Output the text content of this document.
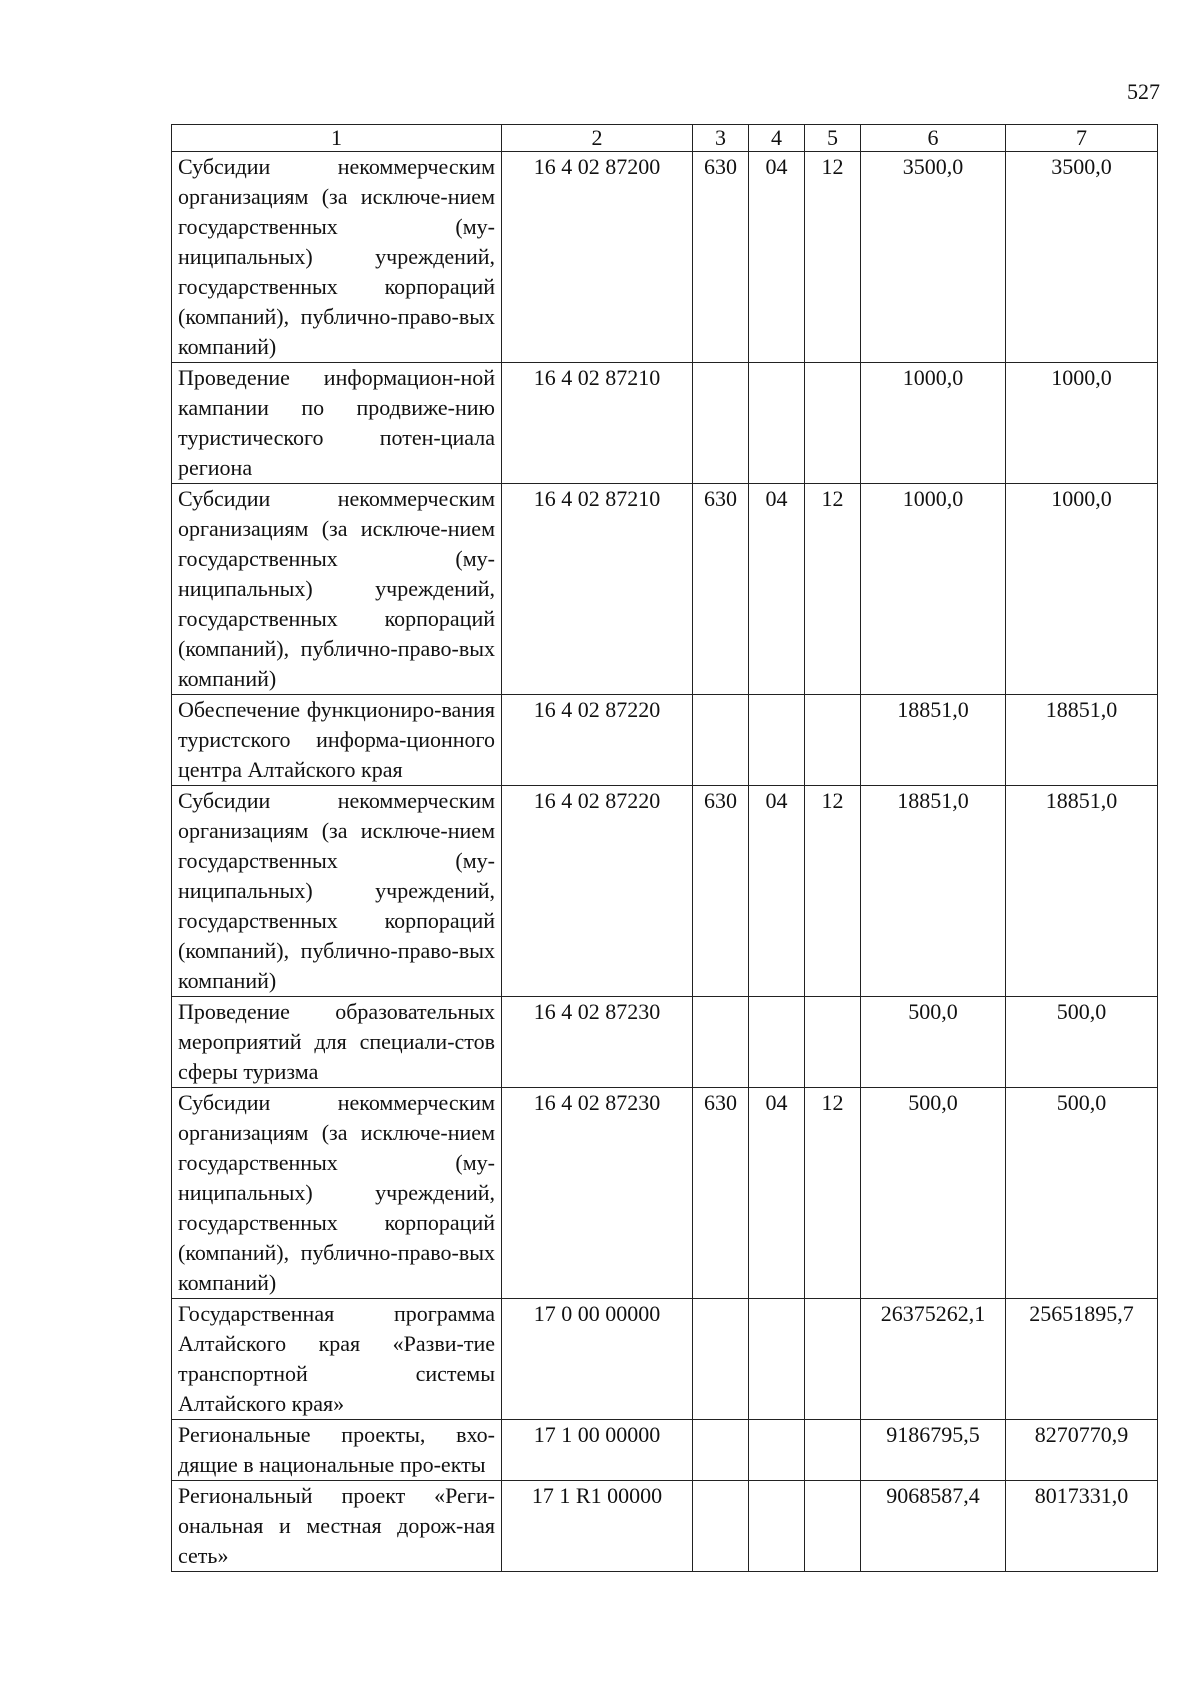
527
1	2	3	4	5	6	7
Субсидии некоммерческим организациям (за исключе-нием государственных (му-ниципальных) учреждений, государственных корпораций (компаний), публично-право-вых компаний)	16 4 02 87200	630	04	12	3500,0	3500,0
Проведение информацион-ной кампании по продвиже-нию туристического потен-циала региона	16 4 02 87210				1000,0	1000,0
Субсидии некоммерческим организациям (за исключе-нием государственных (му-ниципальных) учреждений, государственных корпораций (компаний), публично-право-вых компаний)	16 4 02 87210	630	04	12	1000,0	1000,0
Обеспечение функциониро-вания туристского информа-ционного центра Алтайского края	16 4 02 87220				18851,0	18851,0
Субсидии некоммерческим организациям (за исключе-нием государственных (му-ниципальных) учреждений, государственных корпораций (компаний), публично-право-вых компаний)	16 4 02 87220	630	04	12	18851,0	18851,0
Проведение образовательных мероприятий для специали-стов сферы туризма	16 4 02 87230				500,0	500,0
Субсидии некоммерческим организациям (за исключе-нием государственных (му-ниципальных) учреждений, государственных корпораций (компаний), публично-право-вых компаний)	16 4 02 87230	630	04	12	500,0	500,0
Государственная программа Алтайского края «Разви-тие транспортной системы Алтайского края»	17 0 00 00000				26375262,1	25651895,7
Региональные проекты, вхо-дящие в национальные про-екты	17 1 00 00000				9186795,5	8270770,9
Региональный проект «Реги-ональная и местная дорож-ная сеть»	17 1 R1 00000				9068587,4	8017331,0
